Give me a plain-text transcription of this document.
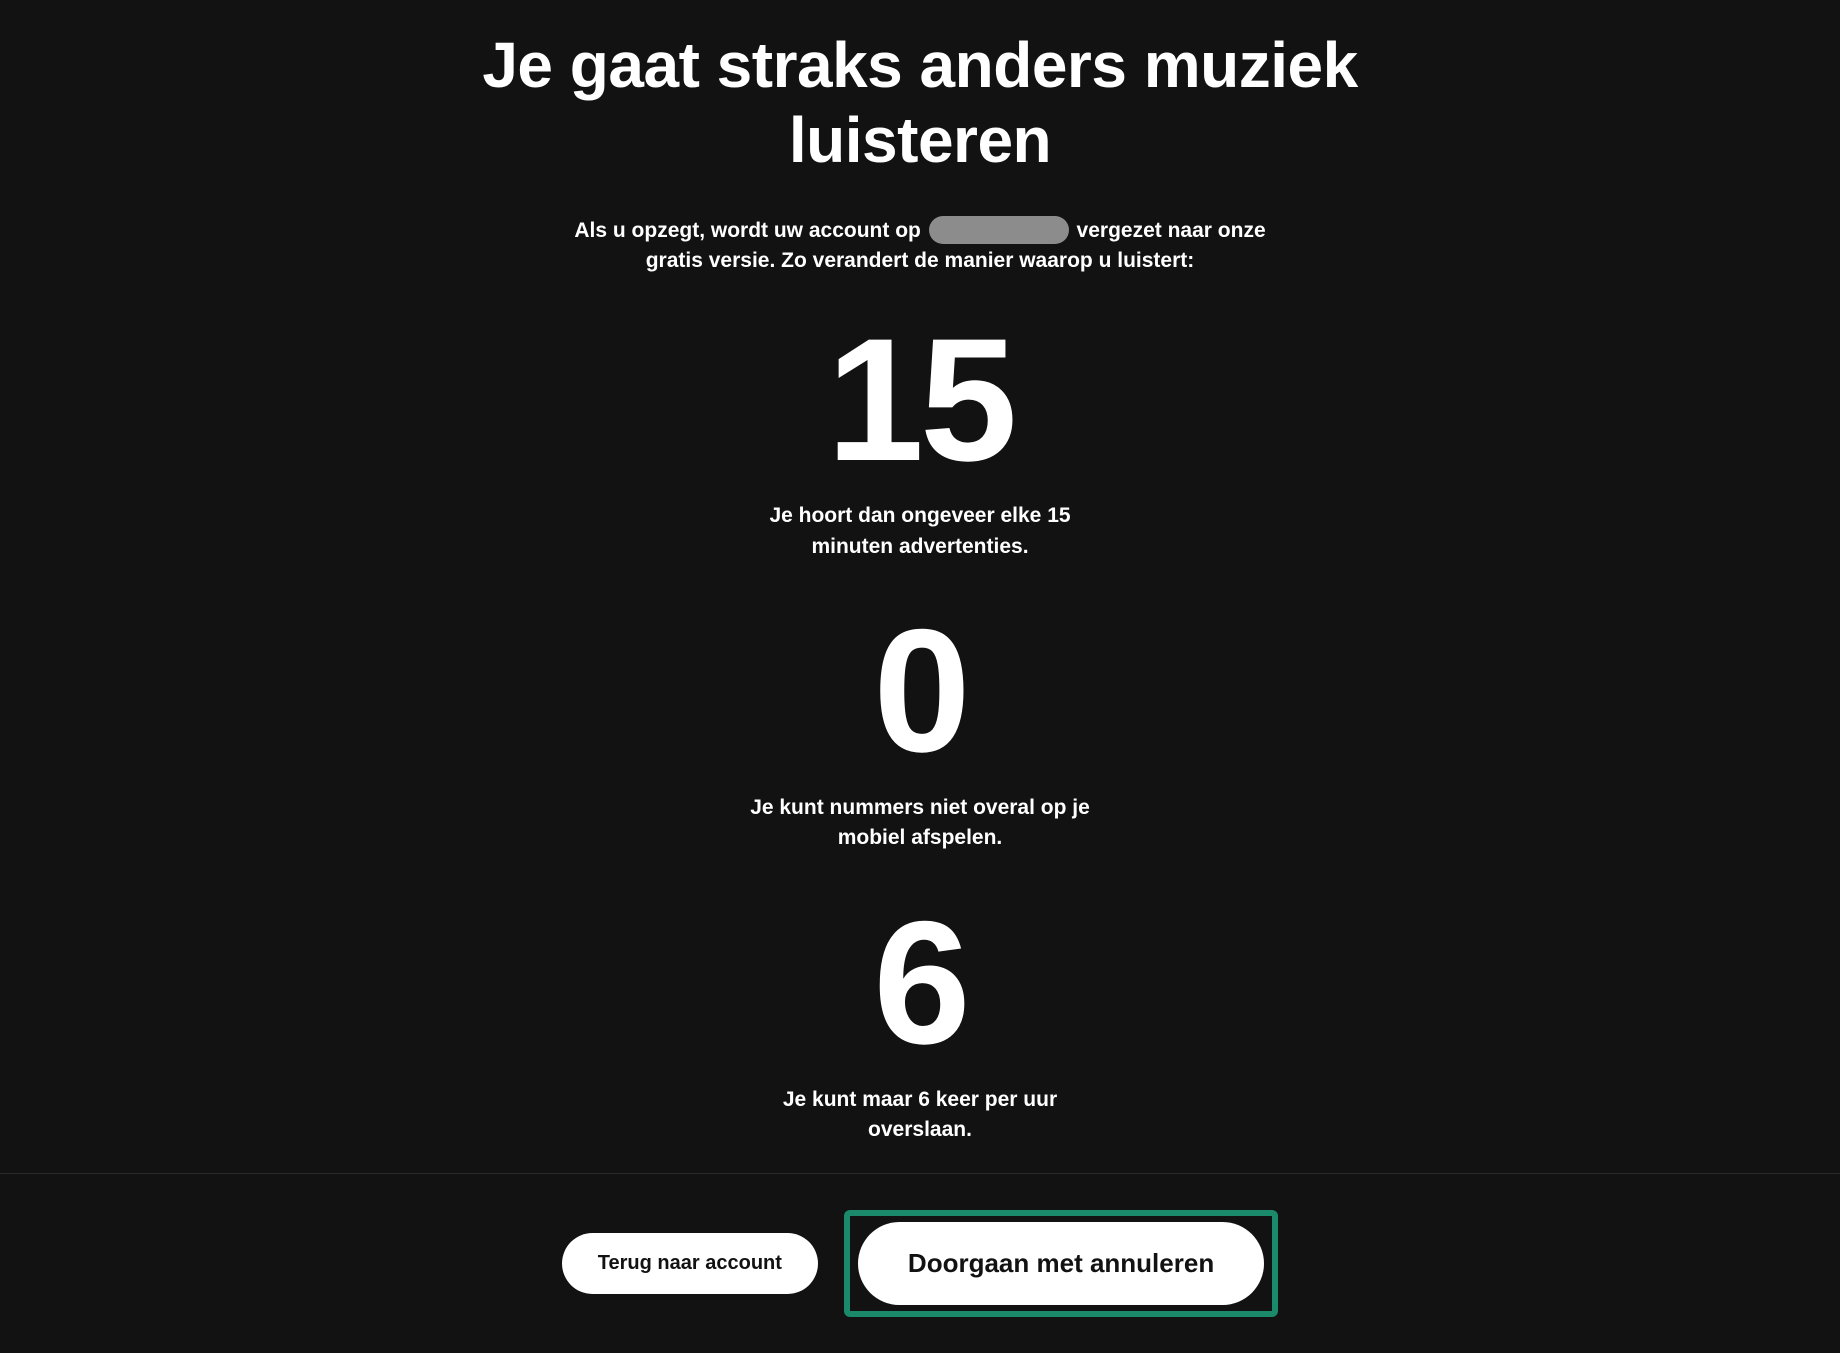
Je gaat straks anders muziek luisteren

Als u opzegt, wordt uw account op	vergezet naar onze gratis versie. Zo verandert de manier waarop u luistert:

15
Je hoort dan ongeveer elke 15 minuten advertenties.
0
Je kunt nummers niet overal op je mobiel afspelen.
6
Je kunt maar 6 keer per uur overslaan.
Terug naar account	Doorgaan met annuleren
